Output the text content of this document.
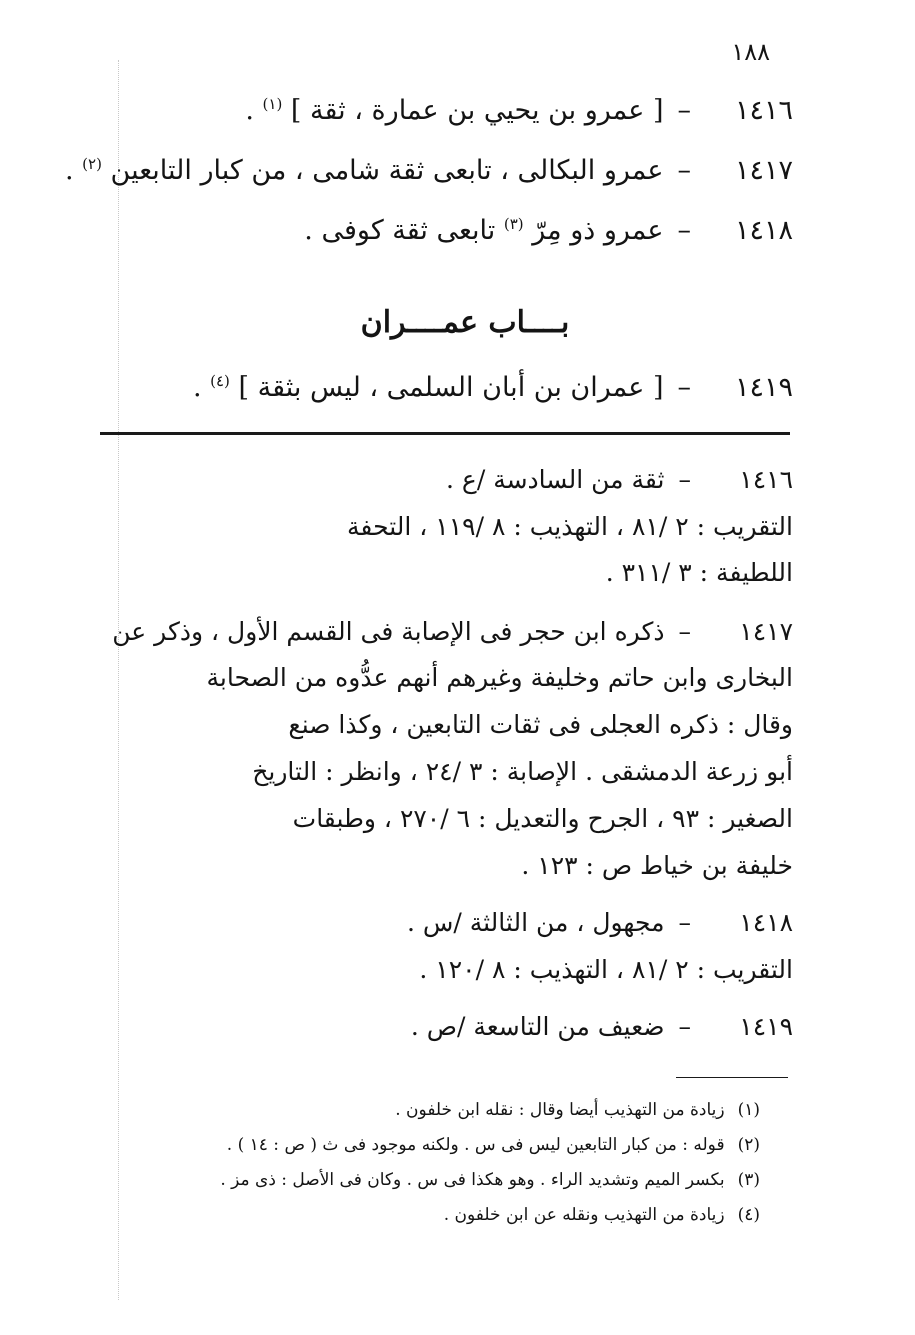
١٨٨
١٤١٦–[ عمرو بن يحيي بن عمارة ، ثقة ] $^{(١)}$ .
١٤١٧–عمرو البكالى ، تابعى ثقة شامى ، من كبار التابعين $^{(٢)}$ .
١٤١٨–عمرو ذو مِرّ $^{(٣)}$ تابعى ثقة كوفى .
بــــاب عمــــران
١٤١٩–[ عمران بن أبان السلمى ، ليس بثقة ] $^{(٤)}$ .
١٤١٦–ثقة من السادسة /ع .
التقريب : ٢ /٨١ ، التهذيب : ٨ /١١٩ ، التحفة
اللطيفة : ٣ /٣١١ .
١٤١٧–ذكره ابن حجر فى الإصابة فى القسم الأول ، وذكر عن
البخارى وابن حاتم وخليفة وغيرهم أنهم عدُّوه من الصحابة
وقال : ذكره العجلى فى ثقات التابعين ، وكذا صنع
أبو زرعة الدمشقى . الإصابة : ٣ /٢٤ ، وانظر : التاريخ
الصغير : ٩٣ ، الجرح والتعديل : ٦ /٢٧٠ ، وطبقات
خليفة بن خياط ص : ١٢٣ .
١٤١٨–مجهول ، من الثالثة /س .
التقريب : ٢ /٨١ ، التهذيب : ٨ /١٢٠ .
١٤١٩–ضعيف من التاسعة /ص .
(١) زيادة من التهذيب أيضا وقال : نقله ابن خلفون .
(٢) قوله : من كبار التابعين ليس فى س . ولكنه موجود فى ث ( ص : ١٤ ) .
(٣) بكسر الميم وتشديد الراء . وهو هكذا فى س . وكان فى الأصل : ذى مز .
(٤) زيادة من التهذيب ونقله عن ابن خلفون .
